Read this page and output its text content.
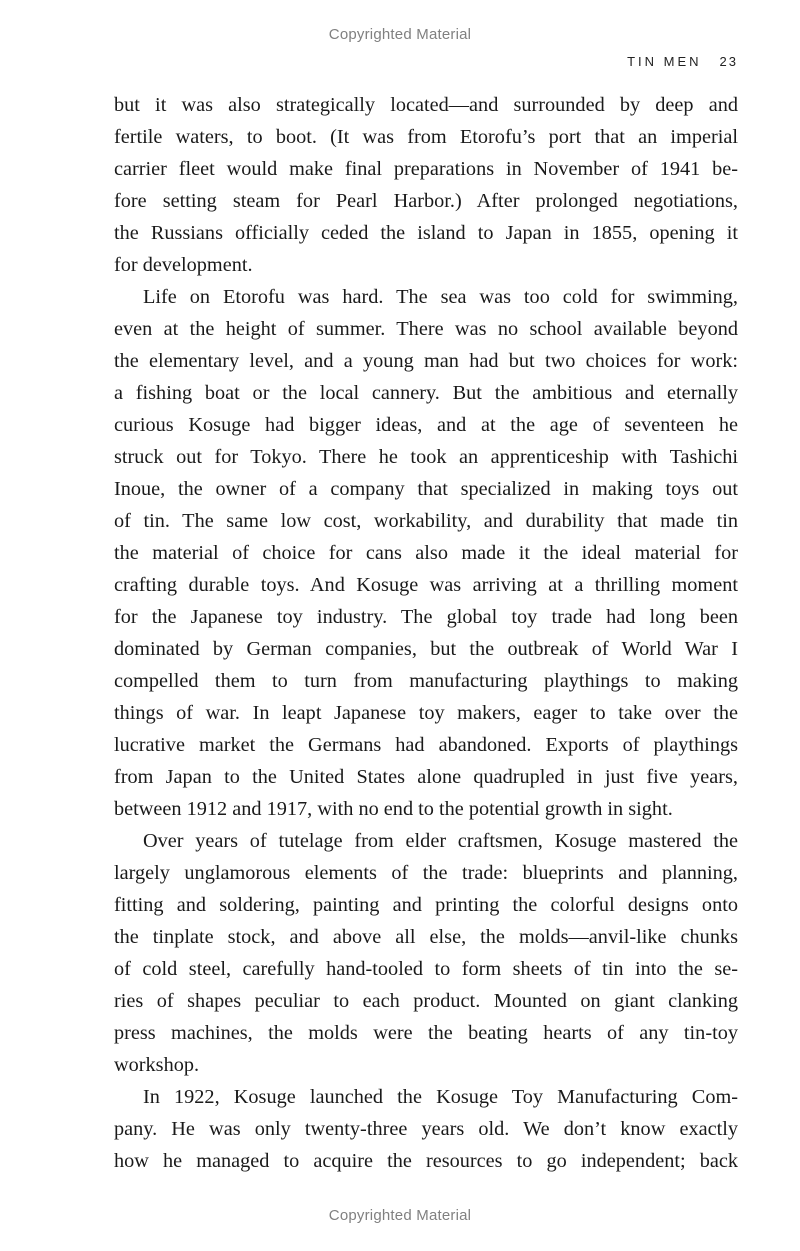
Copyrighted Material
TIN MEN 23

but it was also strategically located—and surrounded by deep and
fertile waters, to boot. (It was from Etorofu’s port that an imperial
carrier fleet would make final preparations in November of 1941 be-
fore setting steam for Pearl Harbor.) After prolonged negotiations,
the Russians officially ceded the island to Japan in 1855, opening it
for development.

Life on Etorofu was hard. The sea was too cold for swimming,
even at the height of summer. There was no school available beyond
the elementary level, and a young man had but two choices for work:
a fishing boat or the local cannery. But the ambitious and eternally
curious Kosuge had bigger ideas, and at the age of seventeen he
struck out for Tokyo. There he took an apprenticeship with Tashichi
Inoue, the owner of a company that specialized in making toys out
of tin. The same low cost, workability, and durability that made tin
the material of choice for cans also made it the ideal material for
crafting durable toys. And Kosuge was arriving at a thrilling moment
for the Japanese toy industry. The global toy trade had long been
dominated by German companies, but the outbreak of World War I
compelled them to turn from manufacturing playthings to making
things of war. In leapt Japanese toy makers, eager to take over the
lucrative market the Germans had abandoned. Exports of playthings
from Japan to the United States alone quadrupled in just five years,
between 1912 and 1917, with no end to the potential growth in sight.

Over years of tutelage from elder craftsmen, Kosuge mastered the
largely unglamorous elements of the trade: blueprints and planning,
fitting and soldering, painting and printing the colorful designs onto
the tinplate stock, and above all else, the molds—anvil-like chunks
of cold steel, carefully hand-tooled to form sheets of tin into the se-
ries of shapes peculiar to each product. Mounted on giant clanking
press machines, the molds were the beating hearts of any tin-toy
workshop.

In 1922, Kosuge launched the Kosuge Toy Manufacturing Com-
pany. He was only twenty-three years old. We don’t know exactly
how he managed to acquire the resources to go independent; back

Copyrighted Material
